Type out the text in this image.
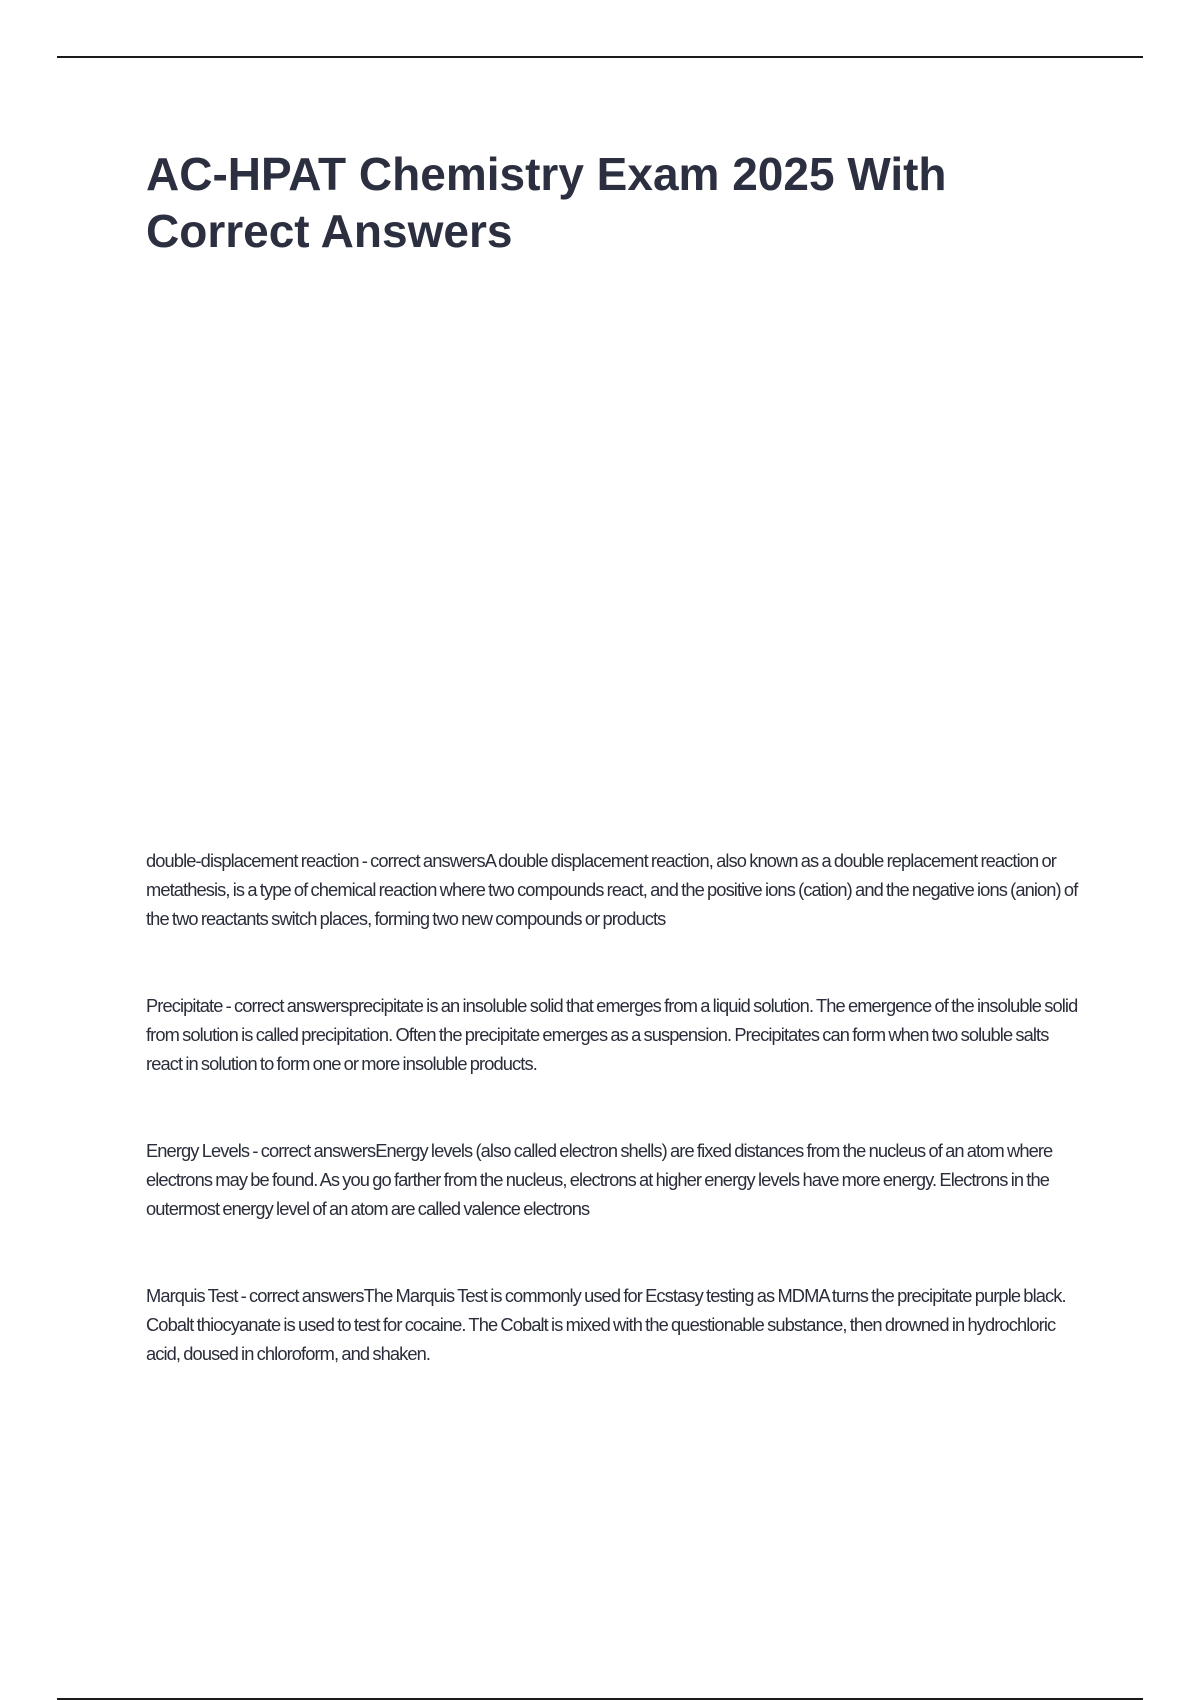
AC-HPAT Chemistry Exam 2025 With Correct Answers

double-displacement reaction - correct answersA double displacement reaction, also known as a double replacement reaction or metathesis, is a type of chemical reaction where two compounds react, and the positive ions (cation) and the negative ions (anion) of the two reactants switch places, forming two new compounds or products

Precipitate - correct answersprecipitate is an insoluble solid that emerges from a liquid solution. The emergence of the insoluble solid from solution is called precipitation. Often the precipitate emerges as a suspension. Precipitates can form when two soluble salts react in solution to form one or more insoluble products.

Energy Levels - correct answersEnergy levels (also called electron shells) are fixed distances from the nucleus of an atom where electrons may be found. As you go farther from the nucleus, electrons at higher energy levels have more energy. Electrons in the outermost energy level of an atom are called valence electrons

Marquis Test - correct answersThe Marquis Test is commonly used for Ecstasy testing as MDMA turns the precipitate purple black. Cobalt thiocyanate is used to test for cocaine. The Cobalt is mixed with the questionable substance, then drowned in hydrochloric acid, doused in chloroform, and shaken.
